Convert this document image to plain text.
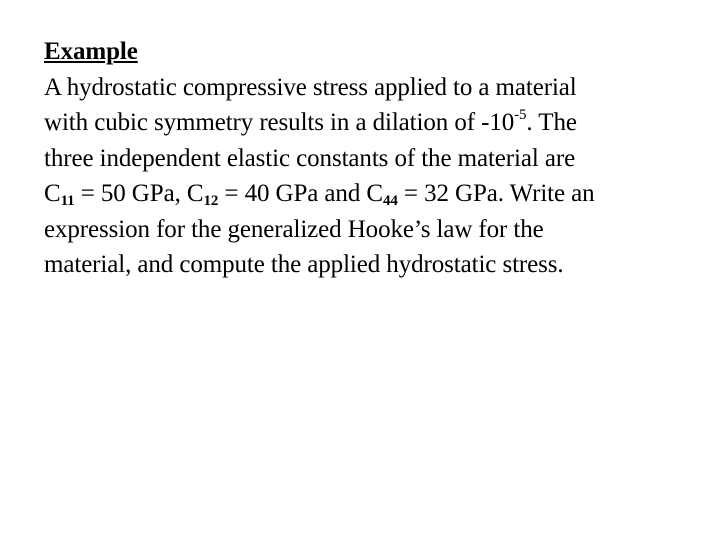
Example
A hydrostatic compressive stress applied to a material
with cubic symmetry results in a dilation of $-10^{-5}$. The
three independent elastic constants of the material are
$C_{11} = 50$ GPa, $C_{12} = 40$ GPa and $C_{44} = 32$ GPa. Write an
expression for the generalized Hooke’s law for the
material, and compute the applied hydrostatic stress.
